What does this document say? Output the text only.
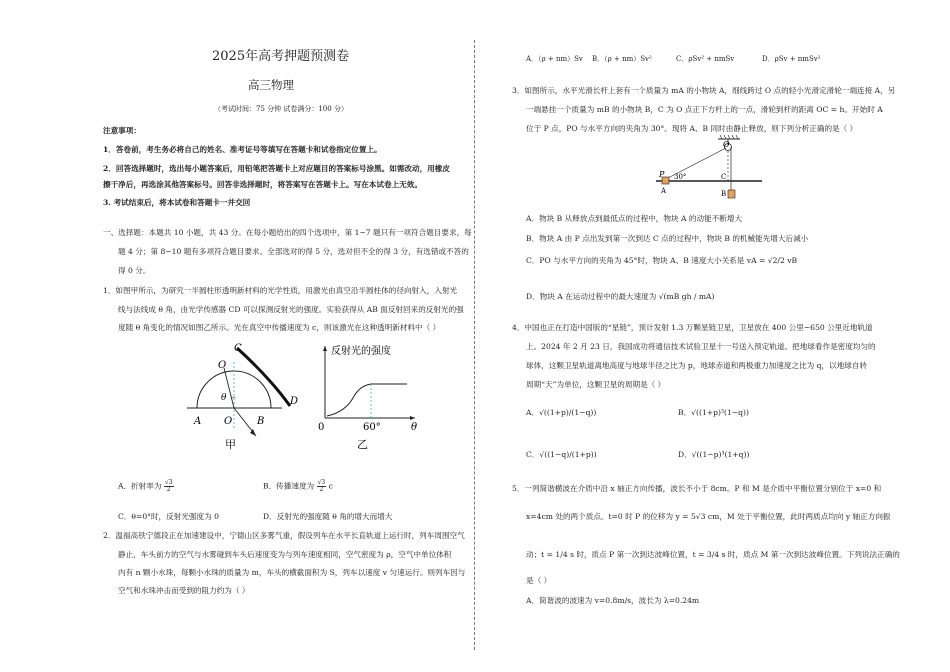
2025年高考押题预测卷
高三物理
（考试时间：75 分钟 试卷满分：100 分）
注意事项：
1．答卷前，考生务必将自己的姓名、准考证号等填写在答题卡和试卷指定位置上。
2．回答选择题时，选出每小题答案后，用铅笔把答题卡上对应题目的答案标号涂黑。如需改动，用橡皮
擦干净后，再选涂其他答案标号。回答非选择题时，将答案写在答题卡上。写在本试卷上无效。
3. 考试结束后，将本试卷和答题卡一并交回
一、选择题：本题共 10 小题，共 43 分。在每小题给出的四个选项中，第 1~7 题只有一项符合题目要求，每
题 4 分；第 8~10 题有多项符合题目要求。全部选对的得 5 分，选对但不全的得 3 分，有选错或不答的
得 0 分。
1．如图甲所示，为研究一半圆柱形透明新材料的光学性质，用激光由真空沿半圆柱体的径向射入，入射光
线与法线成 θ 角，由光学传感器 CD 可以探测反射光的强度。实验获得从 AB 面反射回来的反射光的强
度随 θ 角变化的情况如图乙所示。光在真空中传播速度为 c，则该激光在这种透明新材料中（ ）
C
O
θ	D
A O B
甲
反射光的强度
0	60°	θ
乙
A．折射率为 $\frac{√3}{2}$	B．传播速度为 $\frac{√3}{2}$ c
C．θ=0°时，反射光强度为 0	D．反射光的强度随 θ 角的增大而增大
2．温福高铁宁德段正在加速建设中，宁德山区多雾气重，假设列车在水平长直轨道上运行时，列车周围空气
静止，车头前方的空气与水雾碰到车头后速度变为与列车速度相同，空气密度为 ρ，空气中单位体积
内有 n 颗小水珠，每颗小水珠的质量为 m，车头的横截面积为 S，列车以速度 v 匀速运行。则列车因与
空气和水珠冲击而受到的阻力约为（ ）
A．（ρ + nm）Sv B．（ρ + nm）Sv²	C．ρSv² + nmSv	D．ρSv + nmSv²
3．如图所示，水平光滑长杆上套有一个质量为 mA 的小物块 A，细线跨过 O 点的轻小光滑定滑轮一端连接 A，另
一端悬挂一个质量为 mB 的小物块 B，C 为 O 点正下方杆上的一点，滑轮到杆的距离 OC = h。开始时 A
位于 P 点，PO 与水平方向的夹角为 30°。现将 A、B 同时由静止释放，则下列分析正确的是（ ）
O
P 30°
A
C
B
A．物块 B 从释放点到最低点的过程中，物块 A 的动能不断增大
B．物块 A 由 P 点出发到第一次到达 C 点的过程中，物块 B 的机械能先增大后减小
C．PO 与水平方向的夹角为 45°时，物块 A、B 速度大小关系是 vA = √2/2 vB
D．物块 A 在运动过程中的最大速度为 √(mB gh / mA)
4．中国也正在打造中国版的“星链”，预计发射 1.3 万颗星链卫星，卫星放在 400 公里~650 公里近地轨道
上。2024 年 2 月 23 日，我国成功将通信技术试验卫星十一号送入预定轨道。把地球看作是密度均匀的
球体，这颗卫星轨道离地高度与地球半径之比为 p，地球赤道和两极重力加速度之比为 q，以地球自转
周期“天”为单位，这颗卫星的周期是（ ）
A．√((1+p)/(1−q))	B．√((1+p)³(1−q))
C．√((1−q)/(1+p))	D．√((1−p)³(1+q))
5．一列简谐横波在介质中沿 x 轴正方向传播，波长不小于 8cm。P 和 M 是介质中平衡位置分别位于 x=0 和
x=4cm 处的两个质点。t=0 时 P 的位移为 y = 5√3 cm，M 处于平衡位置，此时两质点均向 y 轴正方向振
动；t = 1/4 s 时，质点 P 第一次到达波峰位置，t = 3/4 s 时，质点 M 第一次到达波峰位置。下列说法正确的
是（ ）
A．简谐波的波速为 v=0.8m/s，波长为 λ=0.24m
